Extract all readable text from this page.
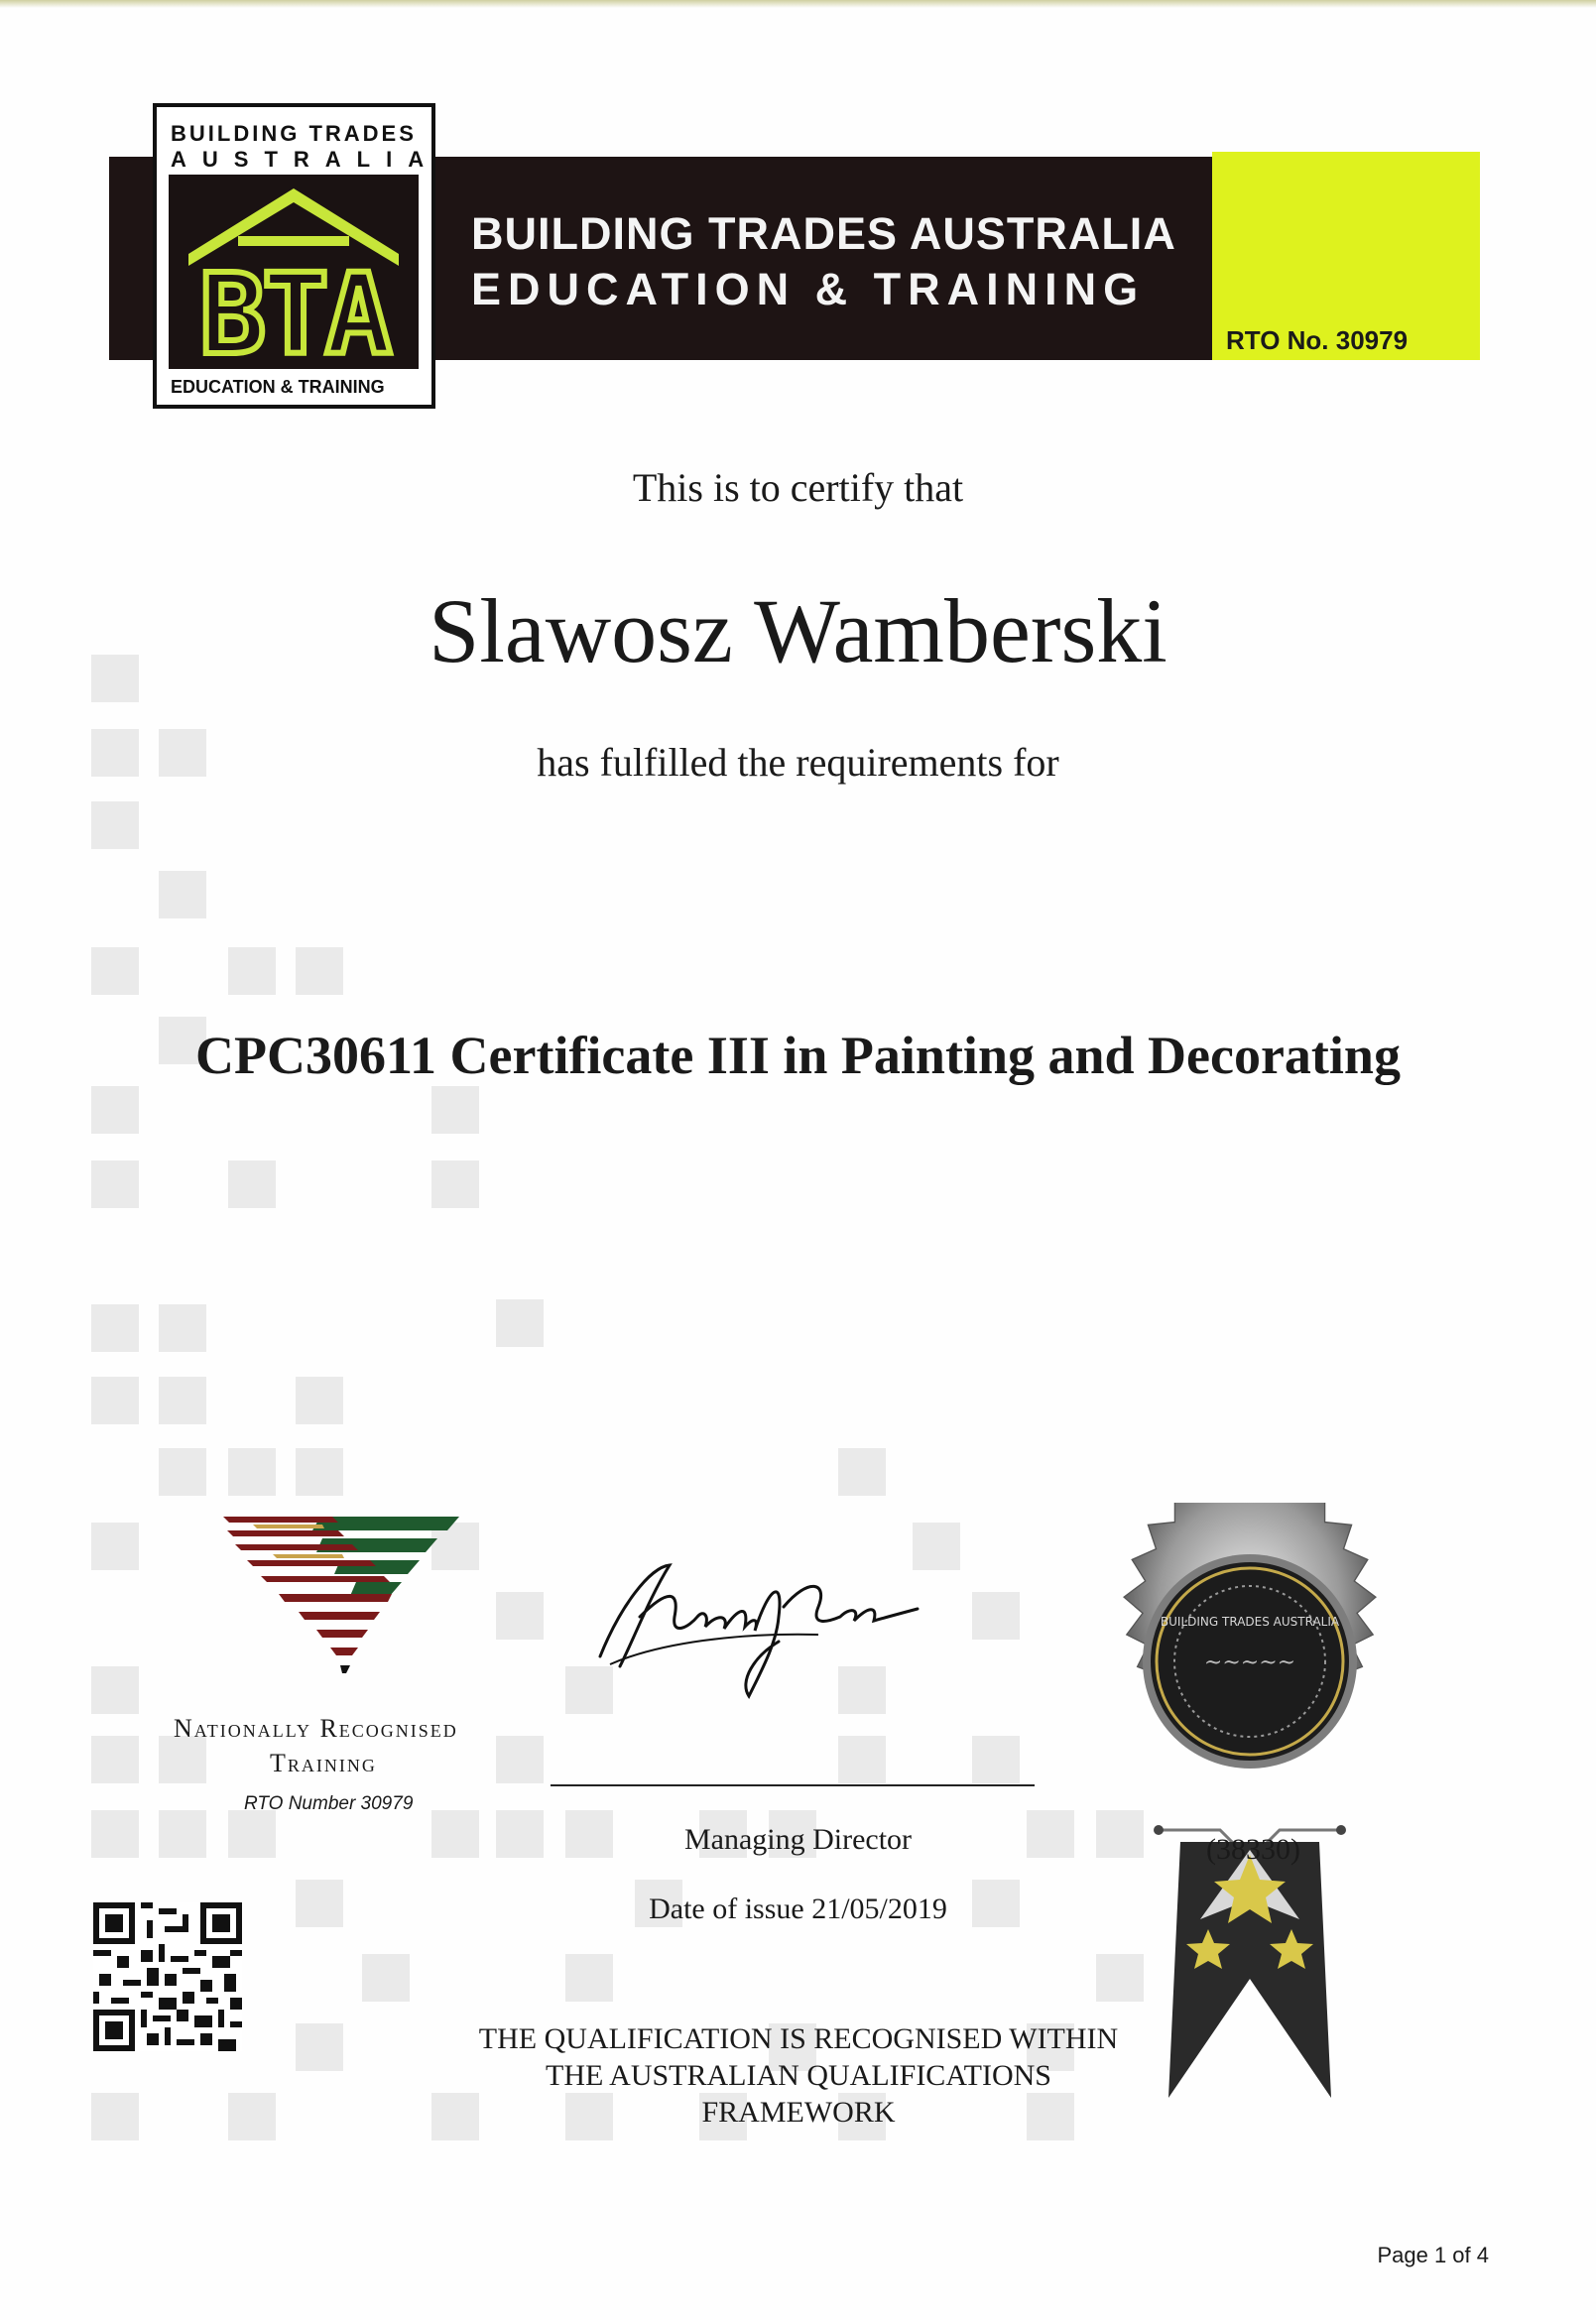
BUILDING TRADES AUSTRALIA
EDUCATION & TRAINING
RTO No. 30979
BUILDING TRADES
AUSTRALIA
BTA
EDUCATION & TRAINING
This is to certify that
Slawosz Wamberski
has fulfilled the requirements for
CPC30611 Certificate III in Painting and Decorating
Nationally Recognised
Training
RTO Number 30979
Managing Director
Date of issue 21/05/2019
THE QUALIFICATION IS RECOGNISED WITHIN
THE AUSTRALIAN QUALIFICATIONS
FRAMEWORK
BUILDING TRADES AUSTRALIA
~~~~~
(38330)
Page 1 of 4
